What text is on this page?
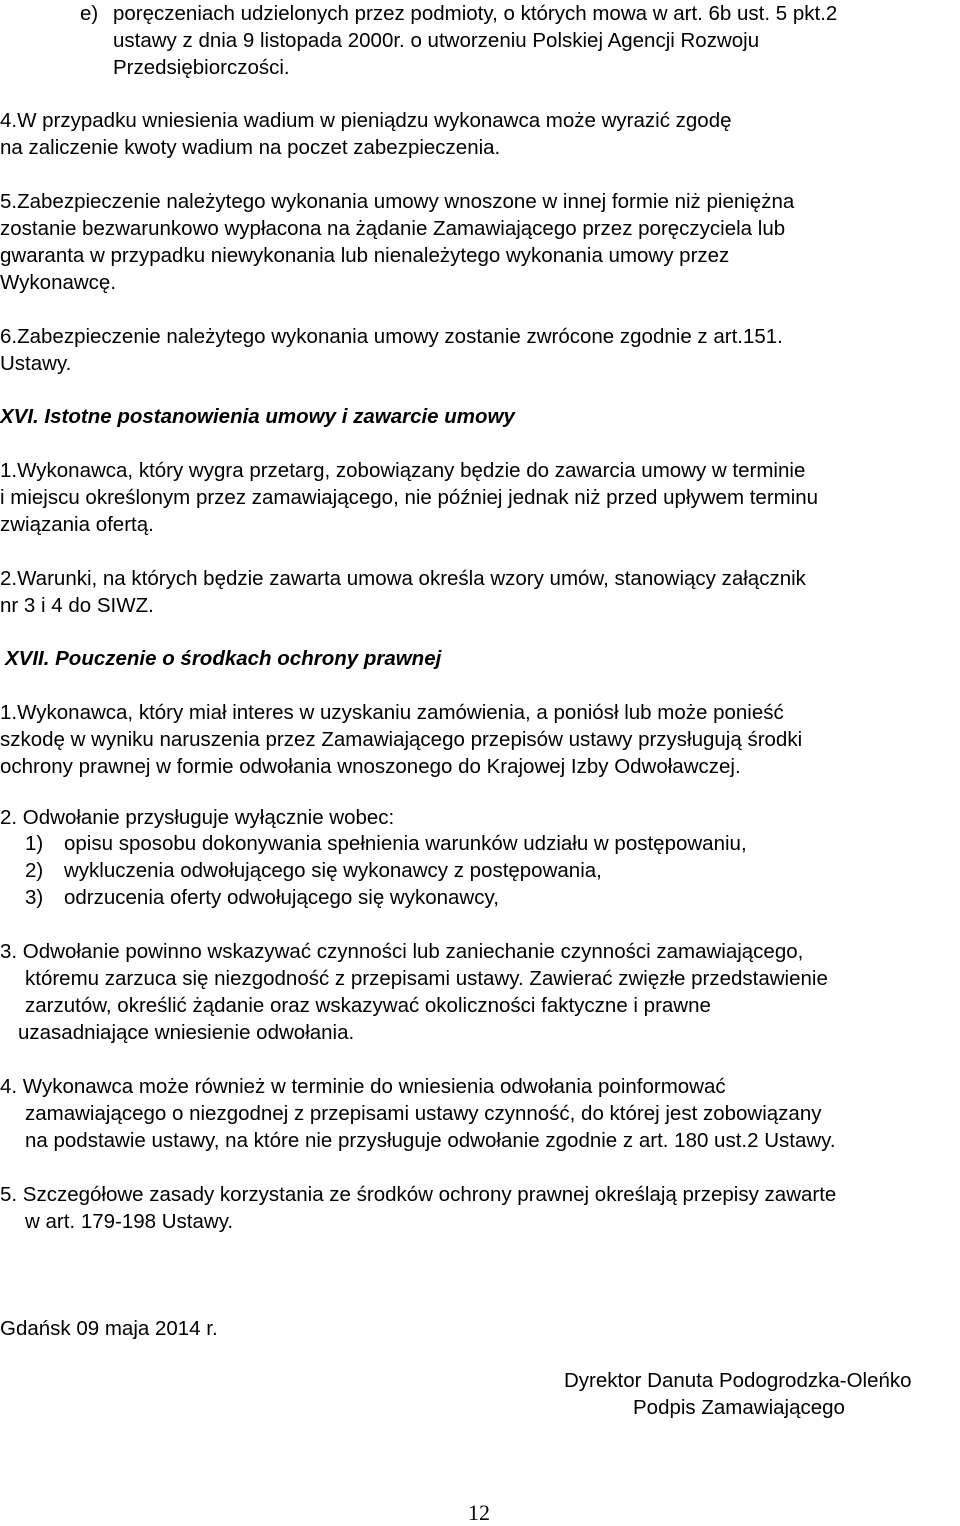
e) poręczeniach udzielonych przez podmioty, o których mowa w art. 6b ust. 5 pkt.2
ustawy z dnia 9 listopada 2000r. o utworzeniu Polskiej Agencji Rozwoju
Przedsiębiorczości.
4.W przypadku wniesienia wadium w pieniądzu wykonawca może wyrazić zgodę
na zaliczenie kwoty wadium na poczet zabezpieczenia.
5.Zabezpieczenie należytego wykonania umowy wnoszone w innej formie niż pieniężna
zostanie bezwarunkowo wypłacona na żądanie Zamawiającego przez poręczyciela lub
gwaranta w przypadku niewykonania lub nienależytego wykonania umowy przez
Wykonawcę.
6.Zabezpieczenie należytego wykonania umowy zostanie zwrócone zgodnie z art.151.
Ustawy.
XVI. Istotne postanowienia umowy i zawarcie umowy
1.Wykonawca, który wygra przetarg, zobowiązany będzie do zawarcia umowy w terminie
i miejscu określonym przez zamawiającego, nie później jednak niż przed upływem terminu
związania ofertą.
2.Warunki, na których będzie zawarta umowa określa wzory umów, stanowiący załącznik
nr 3 i 4 do SIWZ.
XVII. Pouczenie o środkach ochrony prawnej
1.Wykonawca, który miał interes w uzyskaniu zamówienia, a poniósł lub może ponieść
szkodę w wyniku naruszenia przez Zamawiającego przepisów ustawy przysługują środki
ochrony prawnej w formie odwołania wnoszonego do Krajowej Izby Odwoławczej.
2. Odwołanie przysługuje wyłącznie wobec:
1) opisu sposobu dokonywania spełnienia warunków udziału w postępowaniu,
2) wykluczenia odwołującego się wykonawcy z postępowania,
3) odrzucenia oferty odwołującego się wykonawcy,
3. Odwołanie powinno wskazywać czynności lub zaniechanie czynności zamawiającego,
któremu zarzuca się niezgodność z przepisami ustawy. Zawierać zwięzłe przedstawienie
zarzutów, określić żądanie oraz wskazywać okoliczności faktyczne i prawne
uzasadniające wniesienie odwołania.
4. Wykonawca może również w terminie do wniesienia odwołania poinformować
zamawiającego o niezgodnej z przepisami ustawy czynność, do której jest zobowiązany
na podstawie ustawy, na które nie przysługuje odwołanie zgodnie z art. 180 ust.2 Ustawy.
5. Szczegółowe zasady korzystania ze środków ochrony prawnej określają przepisy zawarte
w art. 179-198 Ustawy.
Gdańsk 09 maja 2014 r.
Dyrektor Danuta Podogrodzka-Oleńko
Podpis Zamawiającego
12
